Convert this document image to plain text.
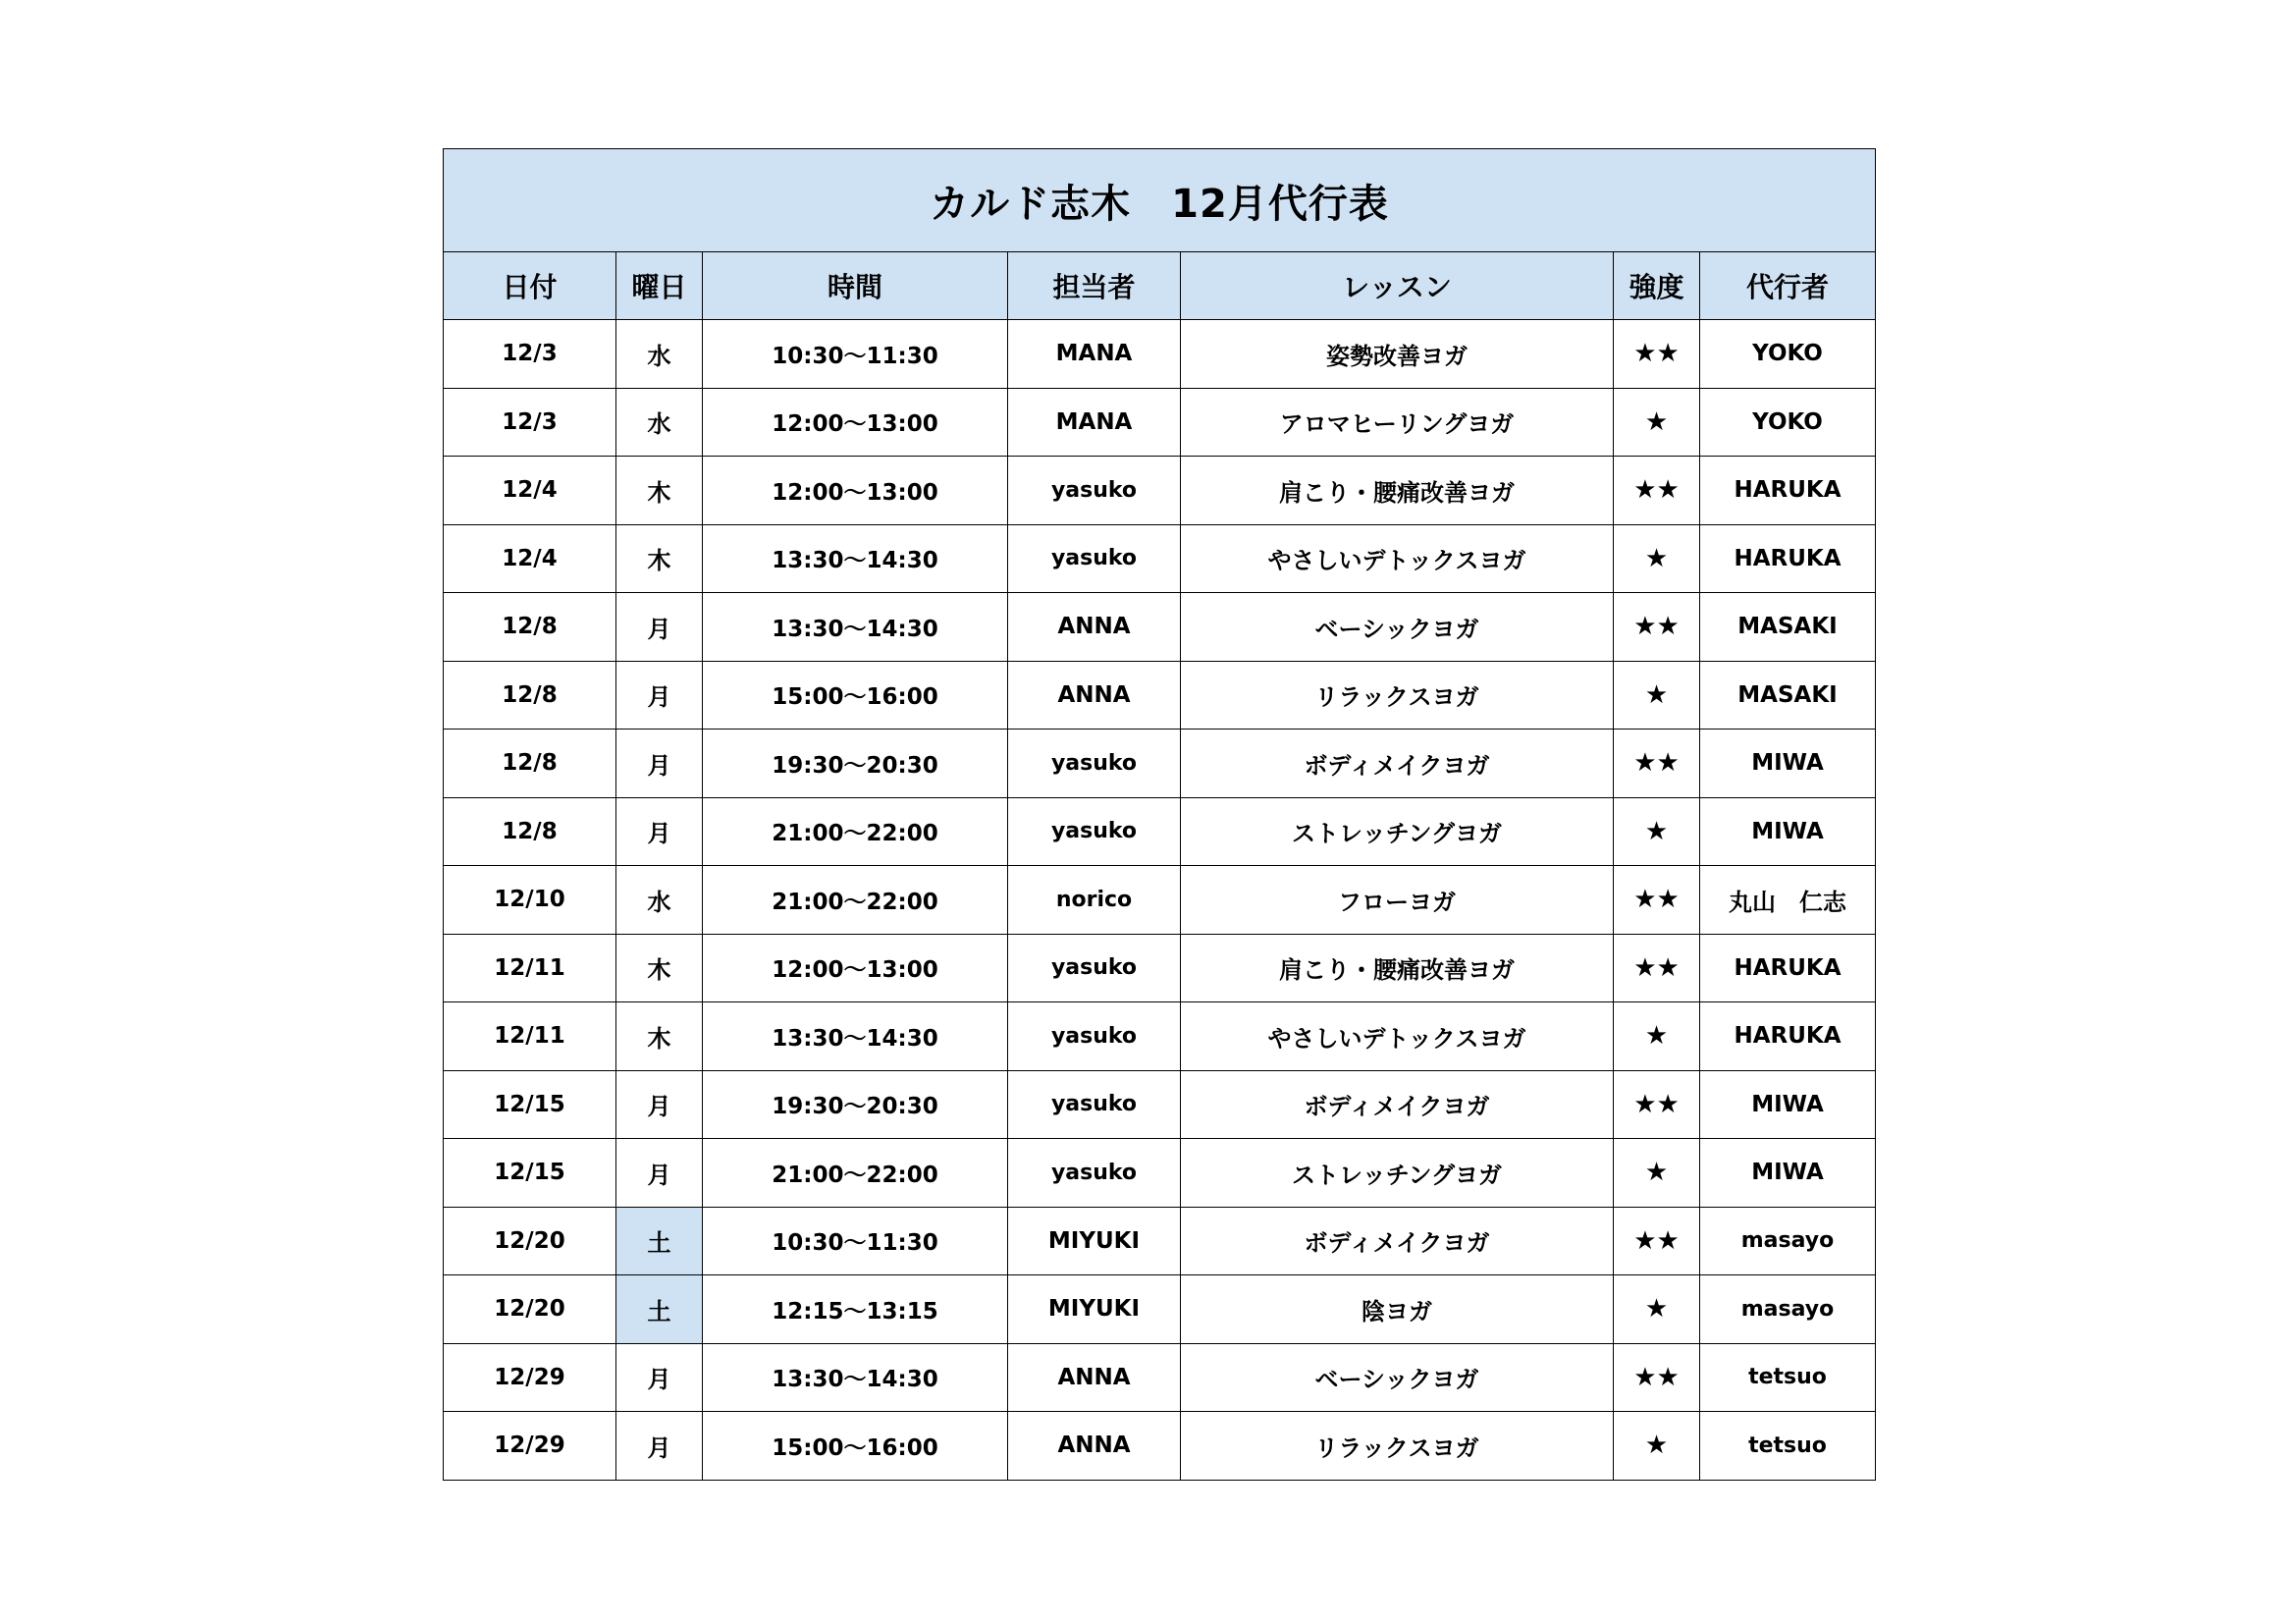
カルド志木　12月代行表						
日付	曜日	時間	担当者	レッスン	強度	代行者
12/3	水	10:30〜11:30	MANA	姿勢改善ヨガ	★★	YOKO
12/3	水	12:00〜13:00	MANA	アロマヒーリングヨガ	★	YOKO
12/4	木	12:00〜13:00	yasuko	肩こり・腰痛改善ヨガ	★★	HARUKA
12/4	木	13:30〜14:30	yasuko	やさしいデトックスヨガ	★	HARUKA
12/8	月	13:30〜14:30	ANNA	ベーシックヨガ	★★	MASAKI
12/8	月	15:00〜16:00	ANNA	リラックスヨガ	★	MASAKI
12/8	月	19:30〜20:30	yasuko	ボディメイクヨガ	★★	MIWA
12/8	月	21:00〜22:00	yasuko	ストレッチングヨガ	★	MIWA
12/10	水	21:00〜22:00	norico	フローヨガ	★★	丸山　仁志
12/11	木	12:00〜13:00	yasuko	肩こり・腰痛改善ヨガ	★★	HARUKA
12/11	木	13:30〜14:30	yasuko	やさしいデトックスヨガ	★	HARUKA
12/15	月	19:30〜20:30	yasuko	ボディメイクヨガ	★★	MIWA
12/15	月	21:00〜22:00	yasuko	ストレッチングヨガ	★	MIWA
12/20	土	10:30〜11:30	MIYUKI	ボディメイクヨガ	★★	masayo
12/20	土	12:15〜13:15	MIYUKI	陰ヨガ	★	masayo
12/29	月	13:30〜14:30	ANNA	ベーシックヨガ	★★	tetsuo
12/29	月	15:00〜16:00	ANNA	リラックスヨガ	★	tetsuo
